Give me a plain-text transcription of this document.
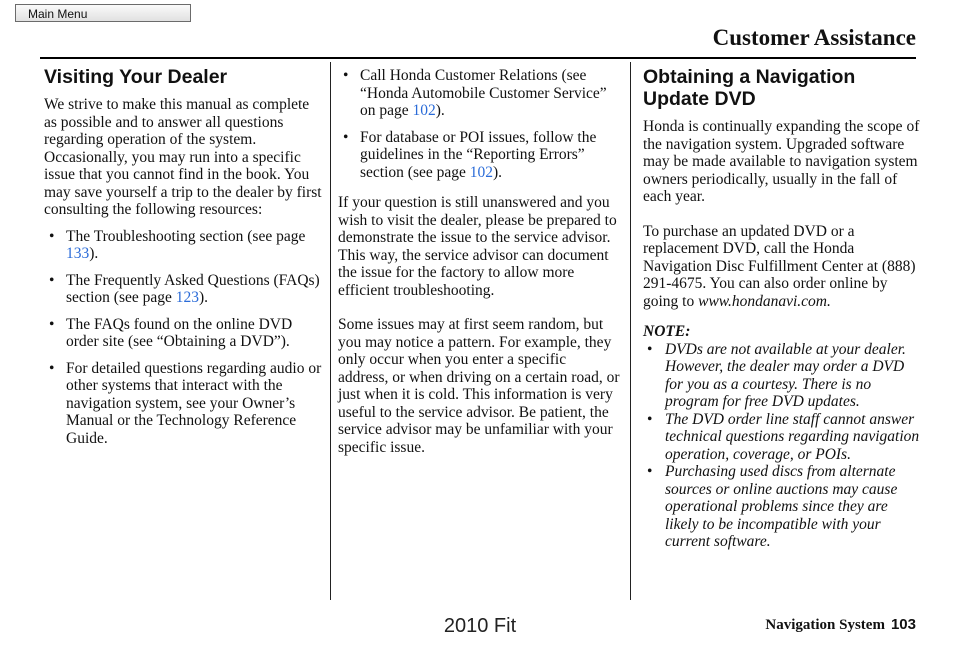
Main Menu
Customer Assistance
Visiting Your Dealer

We strive to make this manual as complete as possible and to answer all questions regarding operation of the system. Occasionally, you may run into a specific issue that you cannot find in the book. You may save yourself a trip to the dealer by first consulting the following resources:

• The Troubleshooting section (see page 133).
• The Frequently Asked Questions (FAQs) section (see page 123).
• The FAQs found on the online DVD order site (see “Obtaining a DVD”).
• For detailed questions regarding audio or other systems that interact with the navigation system, see your Owner’s Manual or the Technology Reference Guide.
• Call Honda Customer Relations (see “Honda Automobile Customer Service” on page 102).
• For database or POI issues, follow the guidelines in the “Reporting Errors” section (see page 102).

If your question is still unanswered and you wish to visit the dealer, please be prepared to demonstrate the issue to the service advisor. This way, the service advisor can document the issue for the factory to allow more efficient troubleshooting.

Some issues may at first seem random, but you may notice a pattern. For example, they only occur when you enter a specific address, or when driving on a certain road, or just when it is cold. This information is very useful to the service advisor. Be patient, the service advisor may be unfamiliar with your specific issue.

Obtaining a Navigation Update DVD

Honda is continually expanding the scope of the navigation system. Upgraded software may be made available to navigation system owners periodically, usually in the fall of each year.

To purchase an updated DVD or a replacement DVD, call the Honda Navigation Disc Fulfillment Center at (888) 291-4675. You can also order online by going to www.hondanavi.com.

NOTE:
• DVDs are not available at your dealer. However, the dealer may order a DVD for you as a courtesy. There is no program for free DVD updates.
• The DVD order line staff cannot answer technical questions regarding navigation operation, coverage, or POIs.
• Purchasing used discs from alternate sources or online auctions may cause operational problems since they are likely to be incompatible with your current software.
Navigation System 103
2010 Fit
